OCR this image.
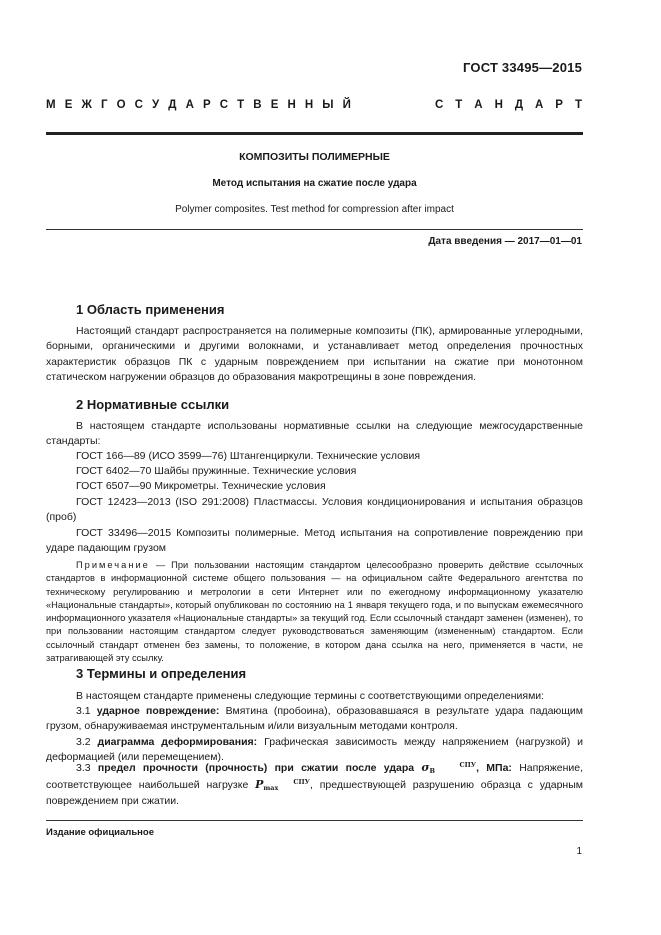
ГОСТ 33495—2015
М Е Ж Г О С У Д А Р С Т В Е Н Н Ы Й	С Т А Н Д А Р Т
КОМПОЗИТЫ ПОЛИМЕРНЫЕ
Метод испытания на сжатие после удара
Polymer composites. Test method for compression after impact
Дата введения — 2017—01—01
1 Область применения

Настоящий стандарт распространяется на полимерные композиты (ПК), армированные углеродными, борными, органическими и другими волокнами, и устанавливает метод определения прочностных характеристик образцов ПК с ударным повреждением при испытании на сжатие при монотонном статическом нагружении образцов до образования макротрещины в зоне повреждения.

2 Нормативные ссылки

В настоящем стандарте использованы нормативные ссылки на следующие межгосударственные стандарты:

ГОСТ 166—89 (ИСО 3599—76) Штангенциркули. Технические условия
ГОСТ 6402—70 Шайбы пружинные. Технические условия
ГОСТ 6507—90 Микрометры. Технические условия

ГОСТ 12423—2013 (ISO 291:2008) Пластмассы. Условия кондиционирования и испытания образцов (проб)

ГОСТ 33496—2015 Композиты полимерные. Метод испытания на сопротивление повреждению при ударе падающим грузом

Примечание — При пользовании настоящим стандартом целесообразно проверить действие ссылочных стандартов в информационной системе общего пользования — на официальном сайте Федерального агентства по техническому регулированию и метрологии в сети Интернет или по ежегодному информационному указателю «Национальные стандарты», который опубликован по состоянию на 1 января текущего года, и по выпускам ежемесячного информационного указателя «Национальные стандарты» за текущий год. Если ссылочный стандарт заменен (изменен), то при пользовании настоящим стандартом следует руководствоваться заменяющим (измененным) стандартом. Если ссылочный стандарт отменен без замены, то положение, в котором дана ссылка на него, применяется в части, не затрагивающей эту ссылку.

3 Термины и определения

В настоящем стандарте применены следующие термины с соответствующими определениями:

3.1 ударное повреждение: Вмятина (пробоина), образовавшаяся в результате удара падающим грузом, обнаруживаемая инструментальным и/или визуальным методами контроля.

3.2 диаграмма деформирования: Графическая зависимость между напряжением (нагрузкой) и деформацией (или перемещением).

3.3 предел прочности (прочность) при сжатии после удара σ	СПУ
В	, МПа: Напряжение, соответствующее наибольшей нагрузке P	СПУ
max	, предшествующей разрушению образца с ударным повреждением при сжатии.

Издание официальное
1
